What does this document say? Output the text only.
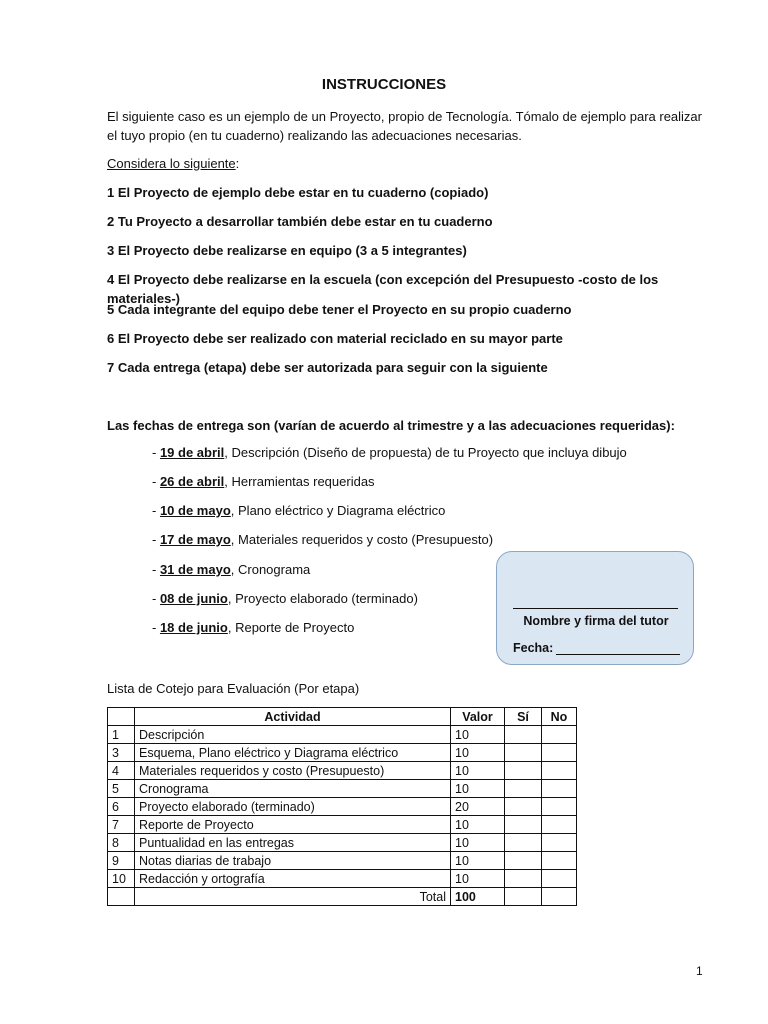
INSTRUCCIONES
El siguiente caso es un ejemplo de un Proyecto, propio de Tecnología. Tómalo de ejemplo para realizar el tuyo propio (en tu cuaderno) realizando las adecuaciones necesarias.
Considera lo siguiente:
1 El Proyecto de ejemplo debe estar en tu cuaderno (copiado)
2 Tu Proyecto a desarrollar también debe estar en tu cuaderno
3 El Proyecto debe realizarse en equipo (3 a 5 integrantes)
4 El Proyecto debe realizarse en la escuela (con excepción del Presupuesto -costo de los materiales-)
5 Cada integrante del equipo debe tener el Proyecto en su propio cuaderno
6 El Proyecto debe ser realizado con material reciclado en su mayor parte
7 Cada entrega (etapa) debe ser autorizada para seguir con la siguiente
Las fechas de entrega son (varían de acuerdo al trimestre y a las adecuaciones requeridas):
- 19 de abril, Descripción (Diseño de propuesta) de tu Proyecto que incluya dibujo
- 26 de abril, Herramientas requeridas
- 10 de mayo, Plano eléctrico y Diagrama eléctrico
- 17 de mayo, Materiales requeridos y costo (Presupuesto)
- 31 de mayo, Cronograma
- 08 de junio, Proyecto elaborado (terminado)
- 18 de junio, Reporte de Proyecto	Nombre y firma del tutor
Fecha:
Lista de Cotejo para Evaluación (Por etapa)
	Actividad	Valor	Sí	No
1	Descripción	10		
3	Esquema, Plano eléctrico y Diagrama eléctrico	10		
4	Materiales requeridos y costo (Presupuesto)	10		
5	Cronograma	10		
6	Proyecto elaborado (terminado)	20		
7	Reporte de Proyecto	10		
8	Puntualidad en las entregas	10		
9	Notas diarias de trabajo	10		
10	Redacción y ortografía	10		
	Total	100		
1
